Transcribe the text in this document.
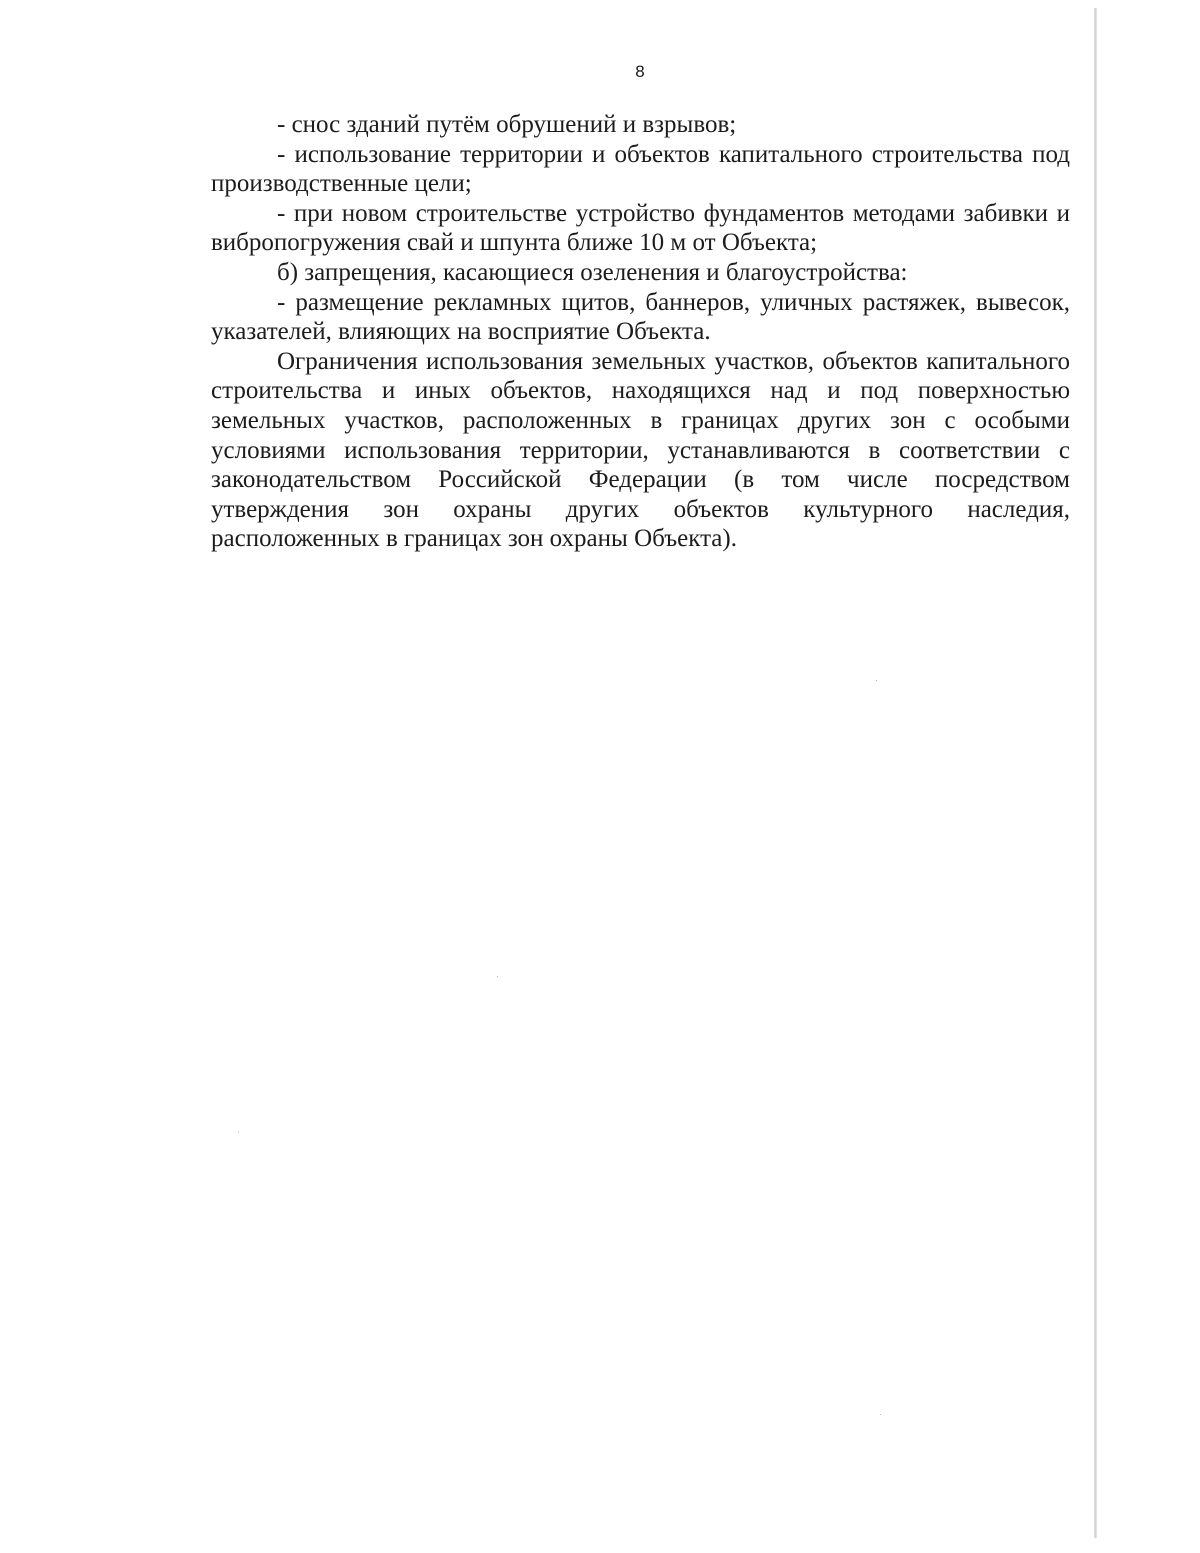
8

- снос зданий путём обрушений и взрывов;

- использование территории и объектов капитального строительства под производственные цели;

- при новом строительстве устройство фундаментов методами забивки и вибропогружения свай и шпунта ближе 10 м от Объекта;

б) запрещения, касающиеся озеленения и благоустройства:

- размещение рекламных щитов, баннеров, уличных растяжек, вывесок, указателей, влияющих на восприятие Объекта.

Ограничения использования земельных участков, объектов капитального строительства и иных объектов, находящихся над и под поверхностью земельных участков, расположенных в границах других зон с особыми условиями использования территории, устанавливаются в соответствии с законодательством Российской Федерации (в том числе посредством утверждения зон охраны других объектов культурного наследия, расположенных в границах зон охраны Объекта).
